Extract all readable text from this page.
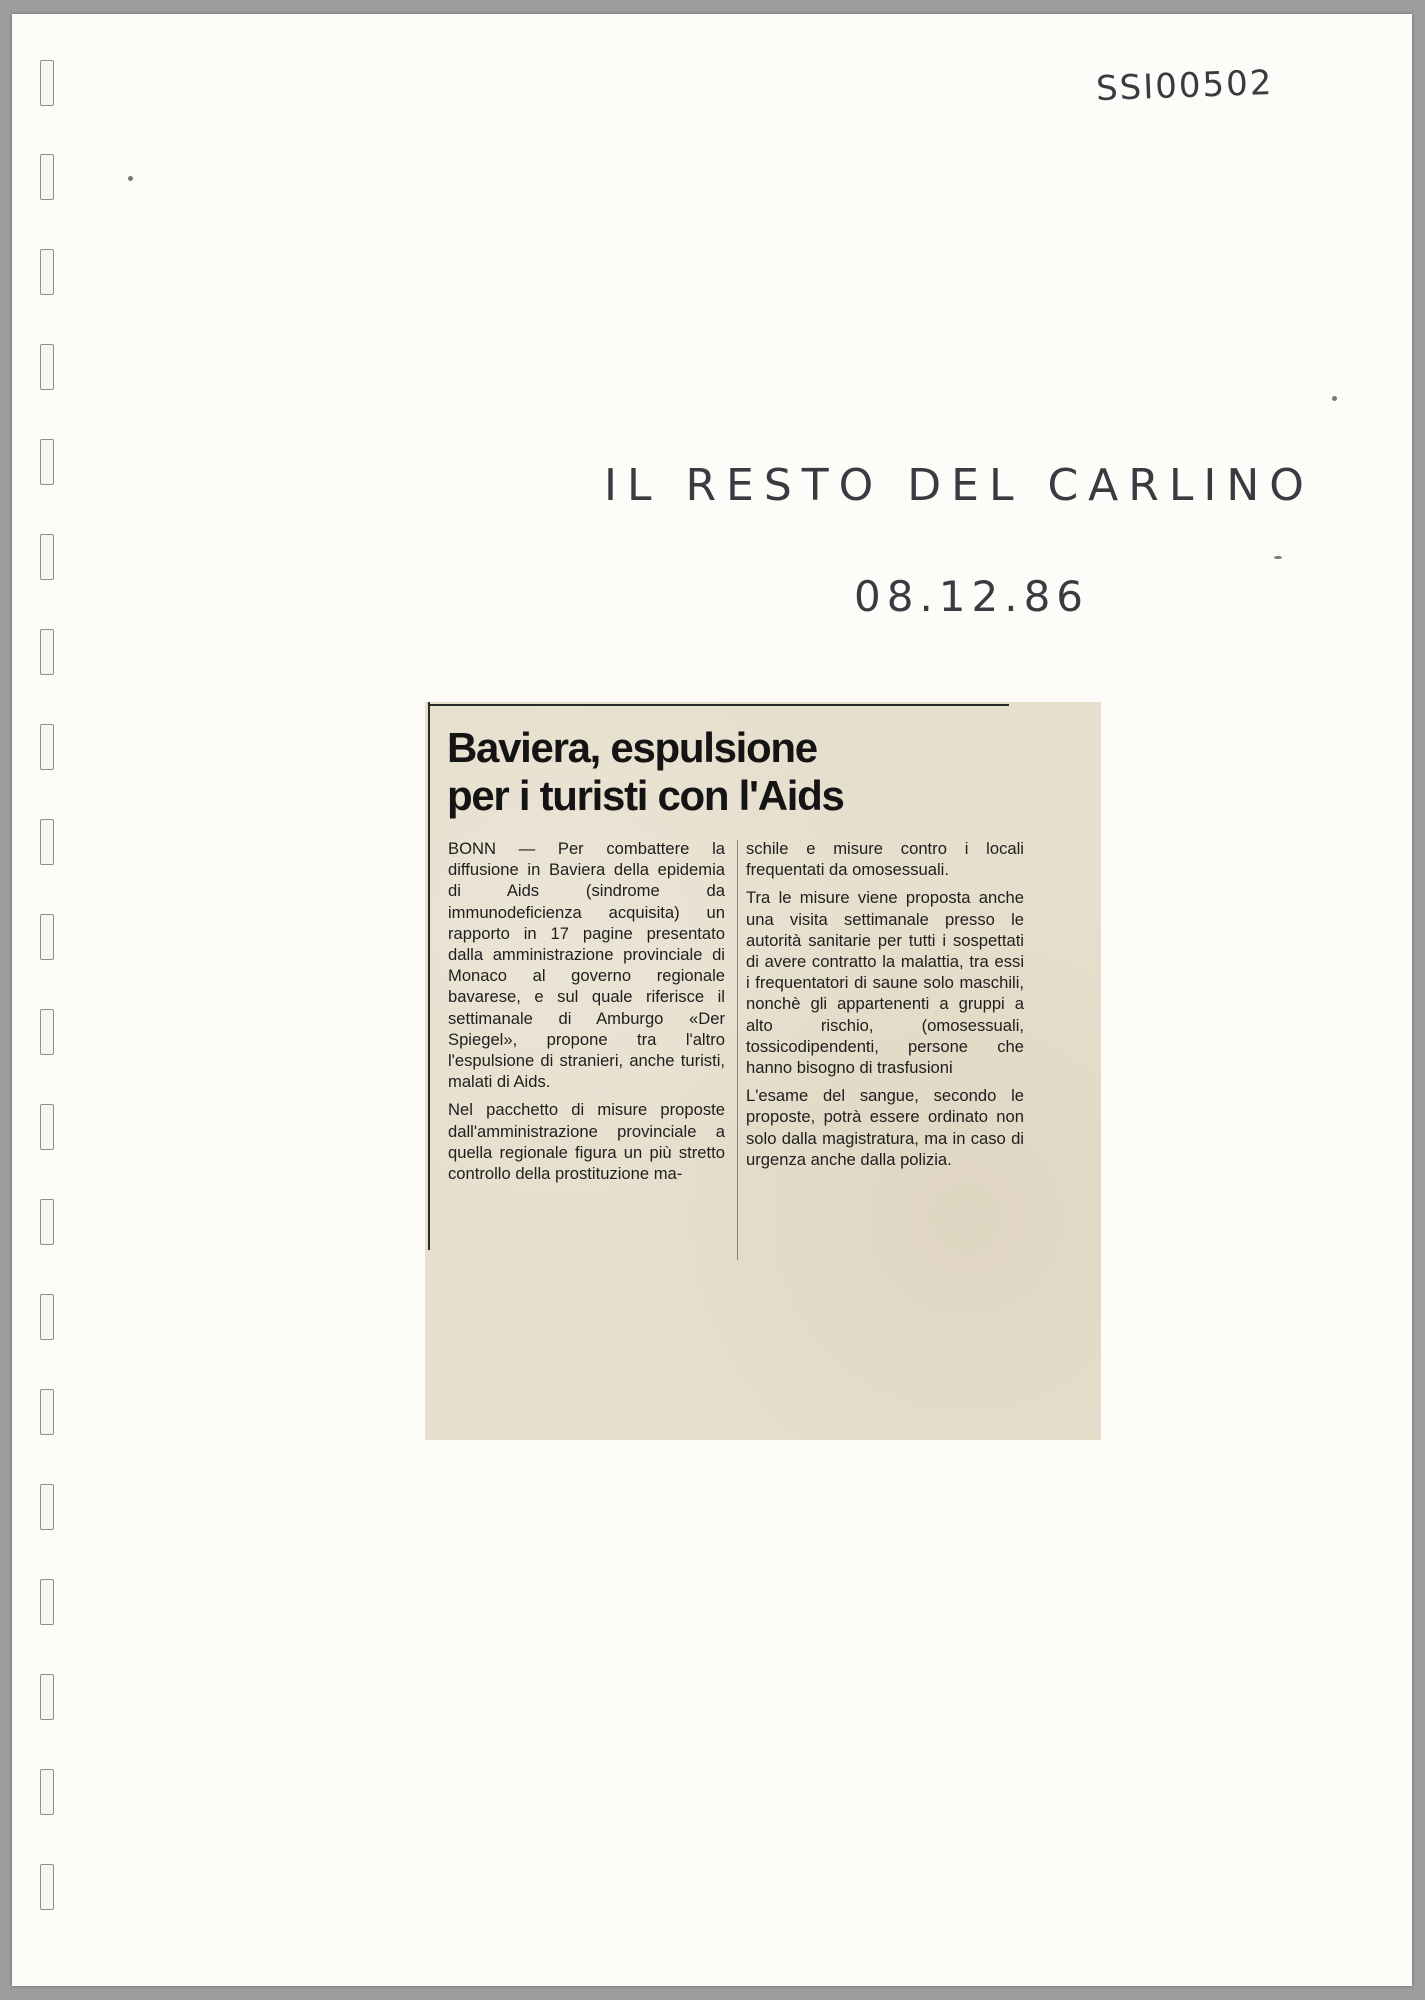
SSI00502
IL RESTO DEL CARLINO
08.12.86
Baviera, espulsione
per i turisti con l'Aids

BONN — Per combattere la diffusione in Baviera della epidemia di Aids (sindrome da immunodeficienza acquisita) un rapporto in 17 pagine presentato dalla amministrazione provinciale di Monaco al governo regionale bavarese, e sul quale riferisce il settimanale di Amburgo «Der Spiegel», propone tra l'altro l'espulsione di stranieri, anche turisti, malati di Aids.

Nel pacchetto di misure proposte dall'amministrazione provinciale a quella regionale figura un più stretto controllo della prostituzione ma-

schile e misure contro i locali frequentati da omosessuali.

Tra le misure viene proposta anche una visita settimanale presso le autorità sanitarie per tutti i sospettati di avere contratto la malattia, tra essi i frequentatori di saune solo maschili, nonchè gli appartenenti a gruppi a alto rischio, (omosessuali, tossicodipendenti, persone che hanno bisogno di trasfusioni

L'esame del sangue, secondo le proposte, potrà essere ordinato non solo dalla magistratura, ma in caso di urgenza anche dalla polizia.
